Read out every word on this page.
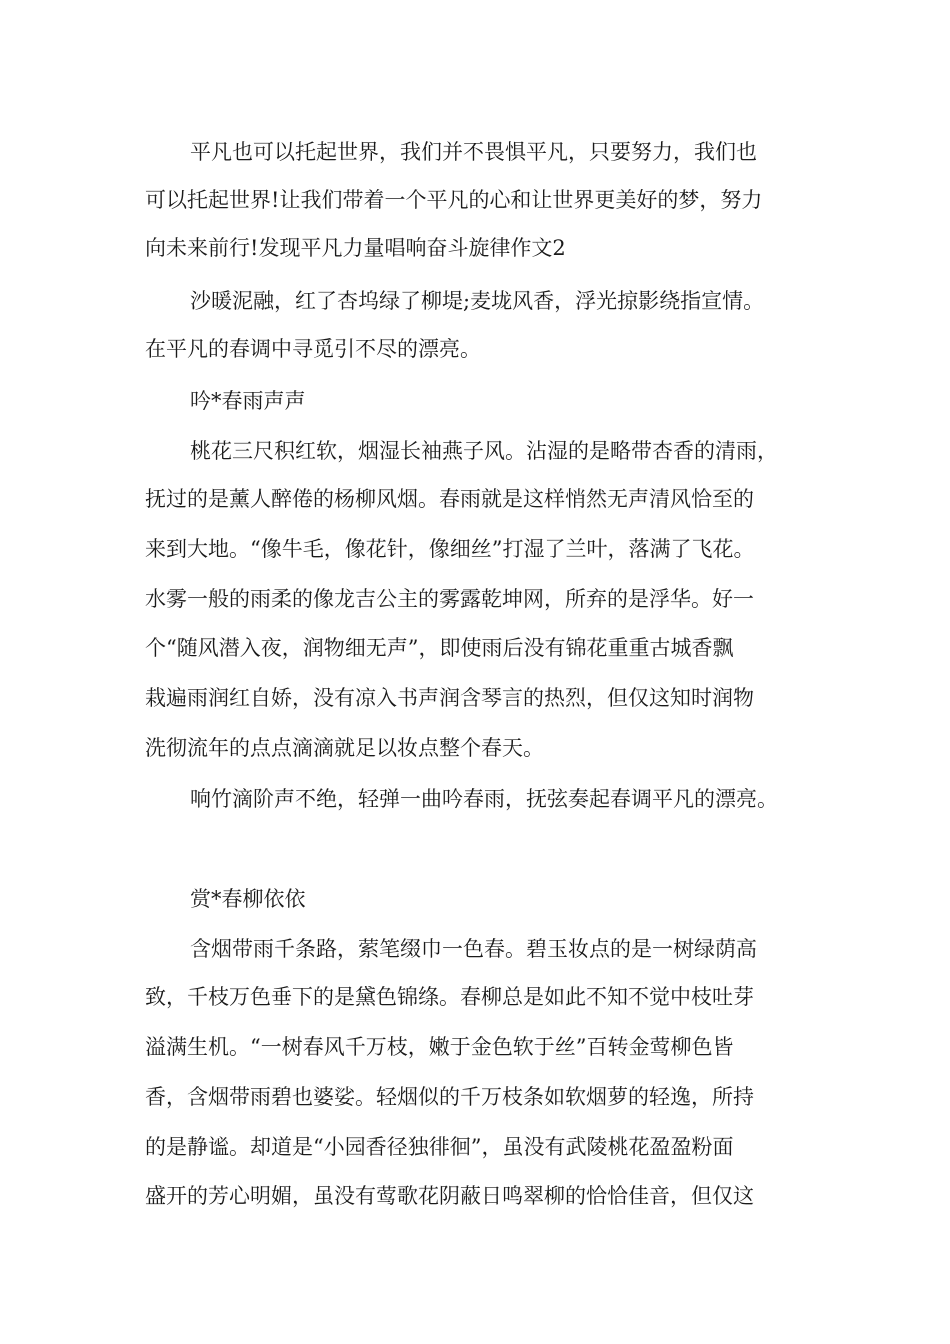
平凡也可以托起世界，我们并不畏惧平凡，只要努力，我们也
可以托起世界!让我们带着一个平凡的心和让世界更美好的梦，努力
向未来前行!发现平凡力量唱响奋斗旋律作文2
沙暖泥融，红了杏坞绿了柳堤;麦垅风香，浮光掠影绕指宣情。
在平凡的春调中寻觅引不尽的漂亮。
吟*春雨声声
桃花三尺积红软，烟湿长袖燕子风。沾湿的是略带杏香的清雨，
抚过的是薰人醉倦的杨柳风烟。春雨就是这样悄然无声清风恰至的
来到大地。“像牛毛，像花针，像细丝”打湿了兰叶，落满了飞花。
水雾一般的雨柔的像龙吉公主的雾露乾坤网，所弃的是浮华。好一
个“随风潜入夜，润物细无声”，即使雨后没有锦花重重古城香飘
栽遍雨润红自娇，没有凉入书声润含琴言的热烈，但仅这知时润物
洗彻流年的点点滴滴就足以妆点整个春天。
响竹滴阶声不绝，轻弹一曲吟春雨，抚弦奏起春调平凡的漂亮。
赏*春柳依依
含烟带雨千条路，萦笔缀巾一色春。碧玉妆点的是一树绿荫高
致，千枝万色垂下的是黛色锦绦。春柳总是如此不知不觉中枝吐芽
溢满生机。“一树春风千万枝，嫩于金色软于丝”百转金莺柳色皆
香，含烟带雨碧也婆娑。轻烟似的千万枝条如软烟萝的轻逸，所持
的是静谧。却道是“小园香径独徘徊”，虽没有武陵桃花盈盈粉面
盛开的芳心明媚，虽没有莺歌花阴蔽日鸣翠柳的恰恰佳音，但仅这
